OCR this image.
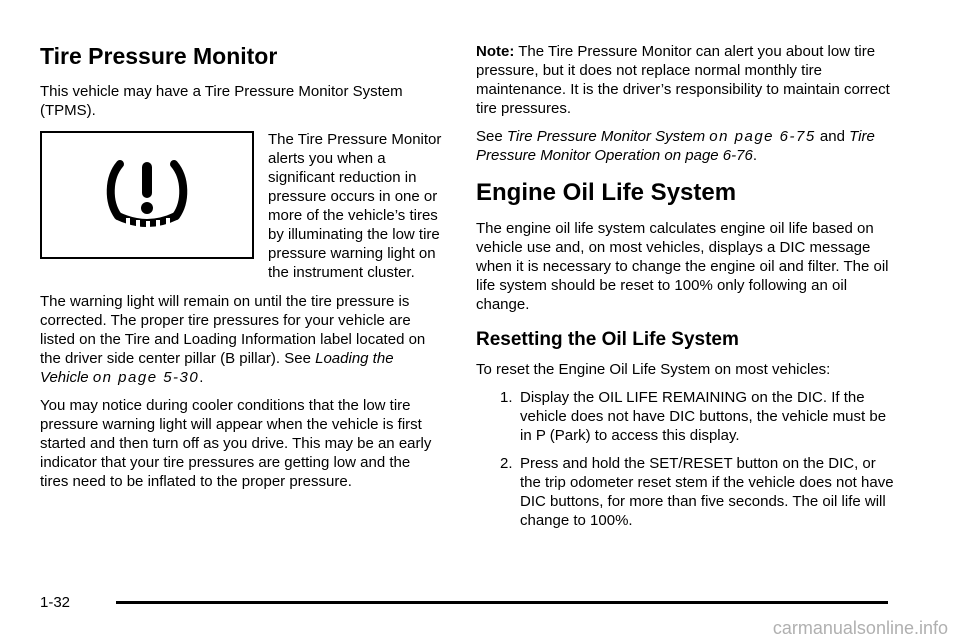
Tire Pressure Monitor

This vehicle may have a Tire Pressure Monitor System (TPMS).

The Tire Pressure Monitor alerts you when a significant reduction in pressure occurs in one or more of the vehicle’s tires by illuminating the low tire pressure warning light on the instrument cluster.

The warning light will remain on until the tire pressure is corrected. The proper tire pressures for your vehicle are listed on the Tire and Loading Information label located on the driver side center pillar (B pillar). See Loading the Vehicle on page 5‑30.

You may notice during cooler conditions that the low tire pressure warning light will appear when the vehicle is first started and then turn off as you drive. This may be an early indicator that your tire pressures are getting low and the tires need to be inflated to the proper pressure.

Note: The Tire Pressure Monitor can alert you about low tire pressure, but it does not replace normal monthly tire maintenance. It is the driver’s responsibility to maintain correct tire pressures.

See Tire Pressure Monitor System on page 6‑75 and Tire Pressure Monitor Operation on page 6‑76.

Engine Oil Life System

The engine oil life system calculates engine oil life based on vehicle use and, on most vehicles, displays a DIC message when it is necessary to change the engine oil and filter. The oil life system should be reset to 100% only following an oil change.

Resetting the Oil Life System

To reset the Engine Oil Life System on most vehicles:

1. Display the OIL LIFE REMAINING on the DIC. If the vehicle does not have DIC buttons, the vehicle must be in P (Park) to access this display.
2. Press and hold the SET/RESET button on the DIC, or the trip odometer reset stem if the vehicle does not have DIC buttons, for more than five seconds. The oil life will change to 100%.
1-32
carmanualsonline.info
